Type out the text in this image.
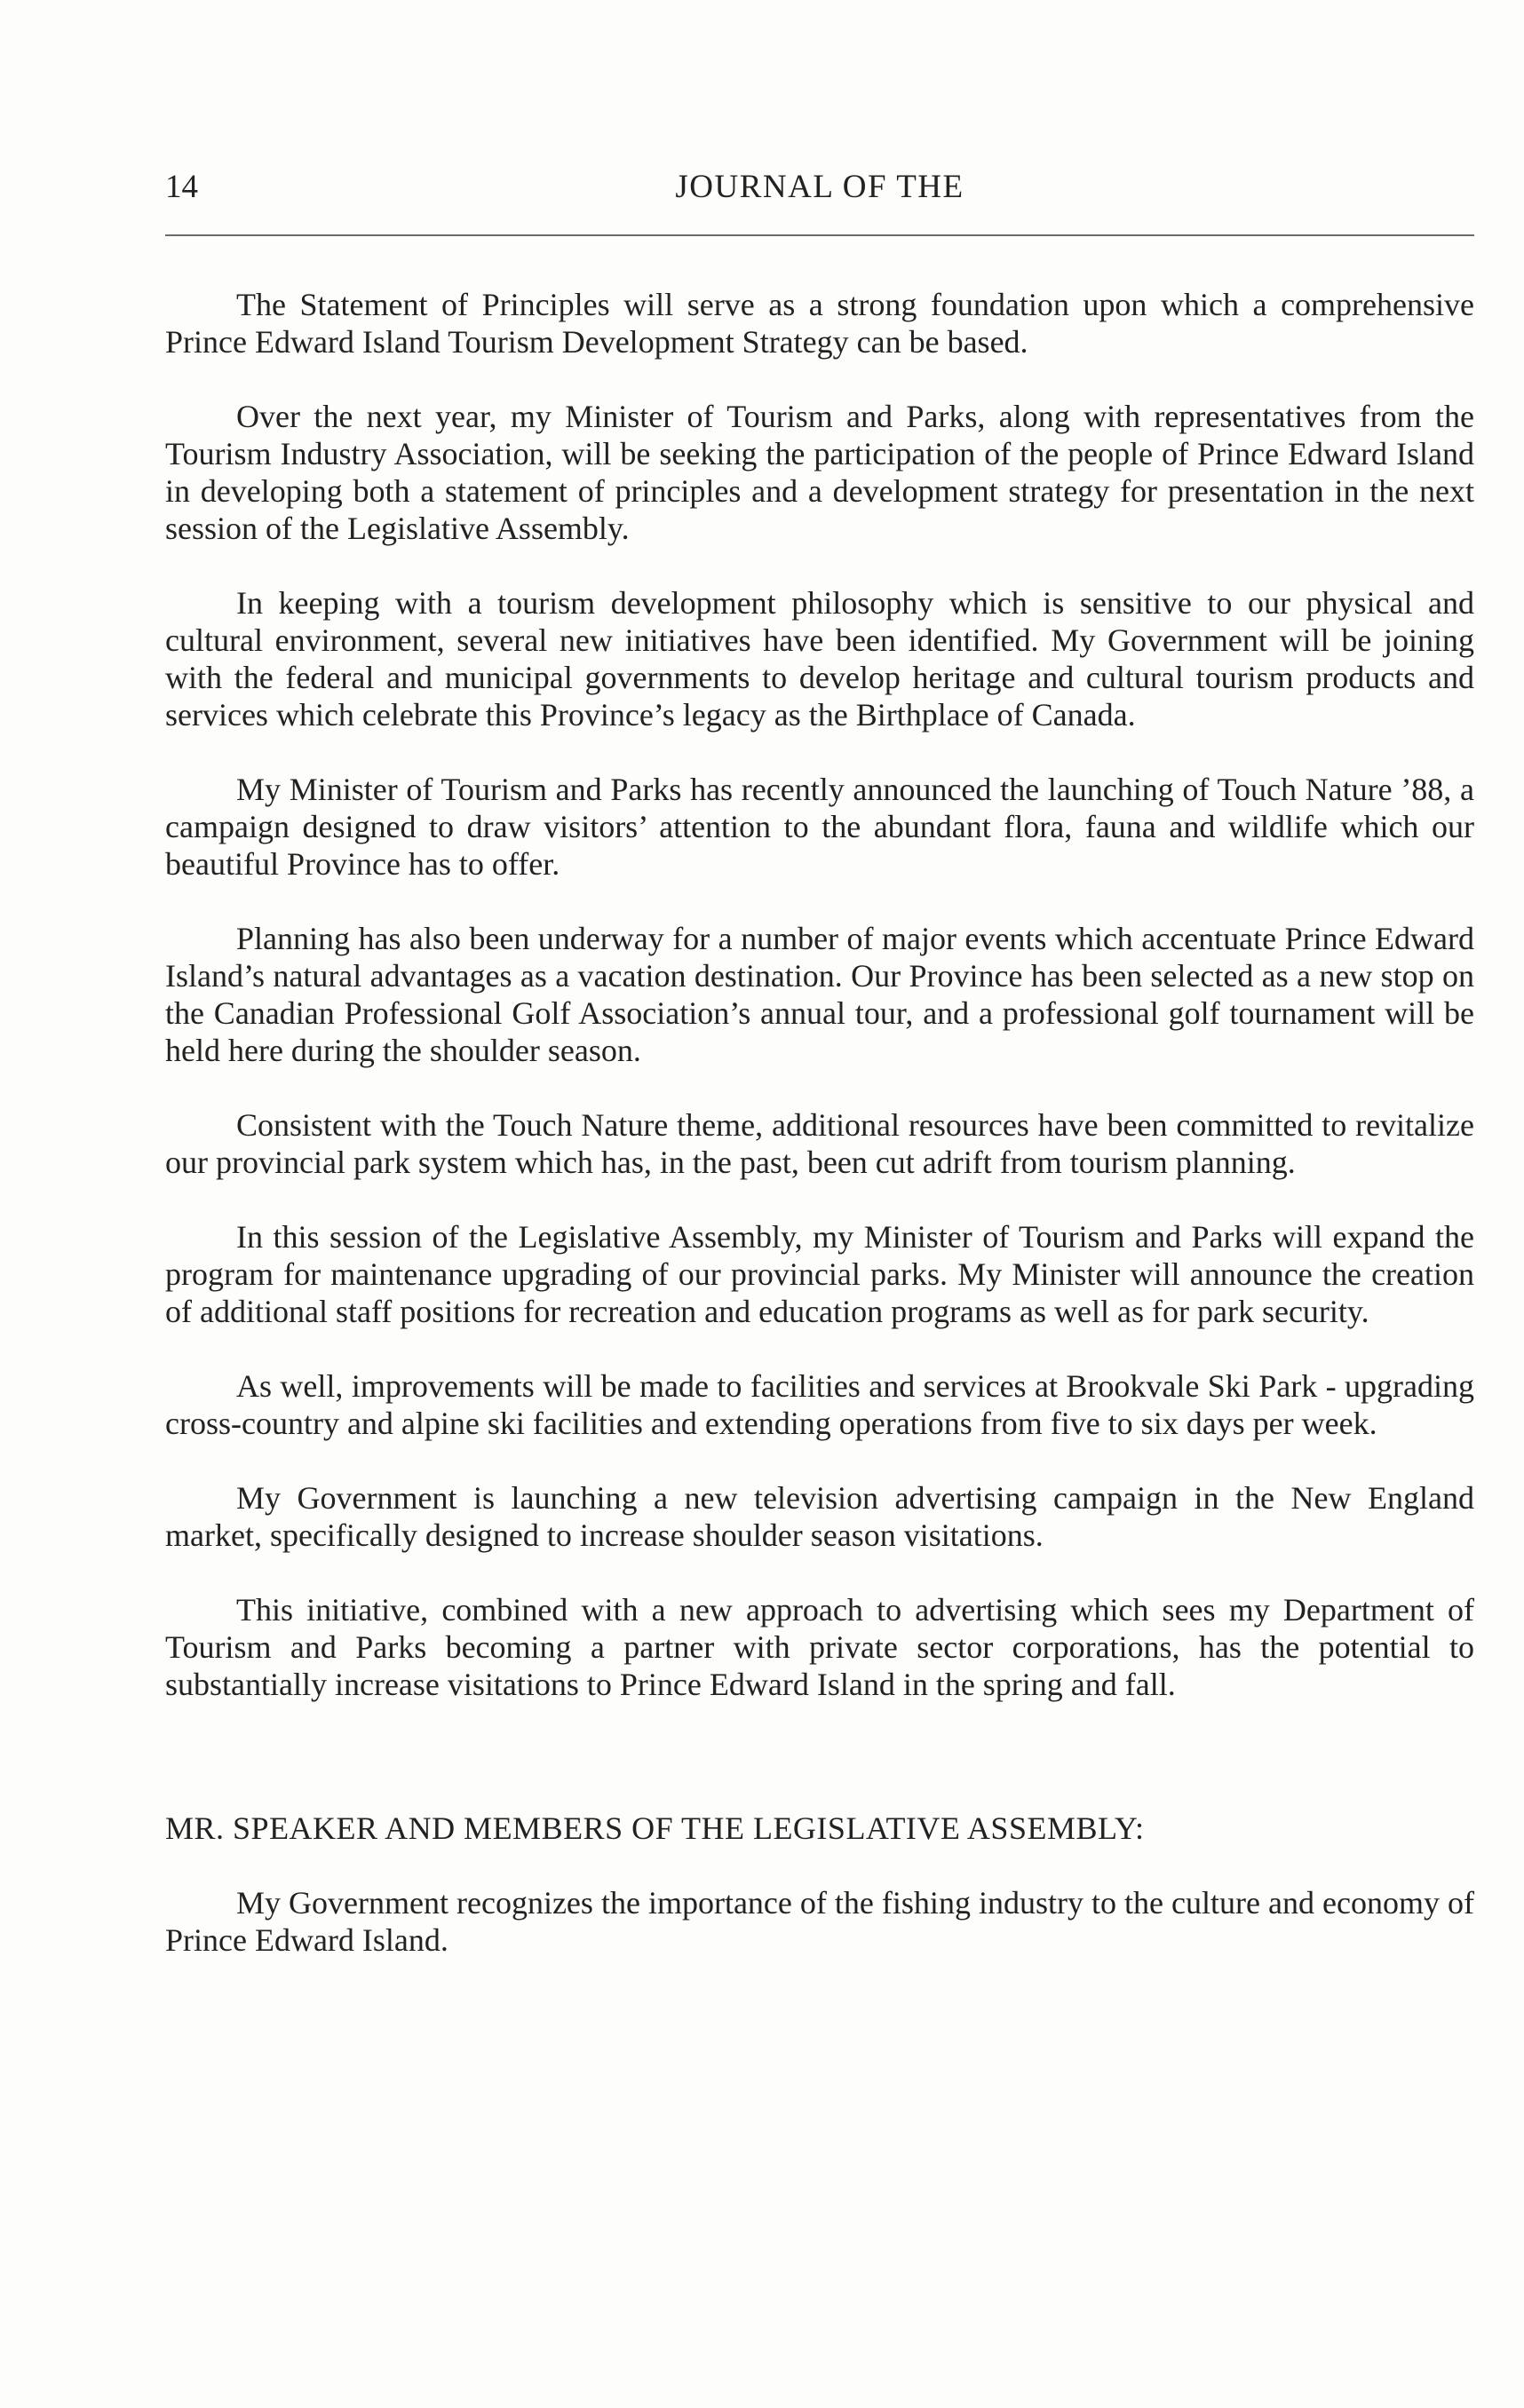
14	JOURNAL OF THE

The Statement of Principles will serve as a strong foundation upon which a comprehensive Prince Edward Island Tourism Development Strategy can be based.

Over the next year, my Minister of Tourism and Parks, along with representatives from the Tourism Industry Association, will be seeking the participation of the people of Prince Edward Island in developing both a statement of principles and a development strategy for presentation in the next session of the Legislative Assembly.

In keeping with a tourism development philosophy which is sensitive to our physical and cultural environment, several new initiatives have been identified. My Government will be joining with the federal and municipal governments to develop heritage and cultural tourism products and services which celebrate this Province’s legacy as the Birthplace of Canada.

My Minister of Tourism and Parks has recently announced the launching of Touch Nature ’88, a campaign designed to draw visitors’ attention to the abundant flora, fauna and wildlife which our beautiful Province has to offer.

Planning has also been underway for a number of major events which accentuate Prince Edward Island’s natural advantages as a vacation destination. Our Province has been selected as a new stop on the Canadian Professional Golf Association’s annual tour, and a professional golf tournament will be held here during the shoulder season.

Consistent with the Touch Nature theme, additional resources have been committed to revitalize our provincial park system which has, in the past, been cut adrift from tourism planning.

In this session of the Legislative Assembly, my Minister of Tourism and Parks will expand the program for maintenance upgrading of our provincial parks. My Minister will announce the creation of additional staff positions for recreation and education programs as well as for park security.

As well, improvements will be made to facilities and services at Brookvale Ski Park - upgrading cross-country and alpine ski facilities and extending operations from five to six days per week.

My Government is launching a new television advertising campaign in the New England market, specifically designed to increase shoulder season visitations.

This initiative, combined with a new approach to advertising which sees my Department of Tourism and Parks becoming a partner with private sector corporations, has the potential to substantially increase visitations to Prince Edward Island in the spring and fall.

MR. SPEAKER AND MEMBERS OF THE LEGISLATIVE ASSEMBLY:

My Government recognizes the importance of the fishing industry to the culture and economy of Prince Edward Island.
